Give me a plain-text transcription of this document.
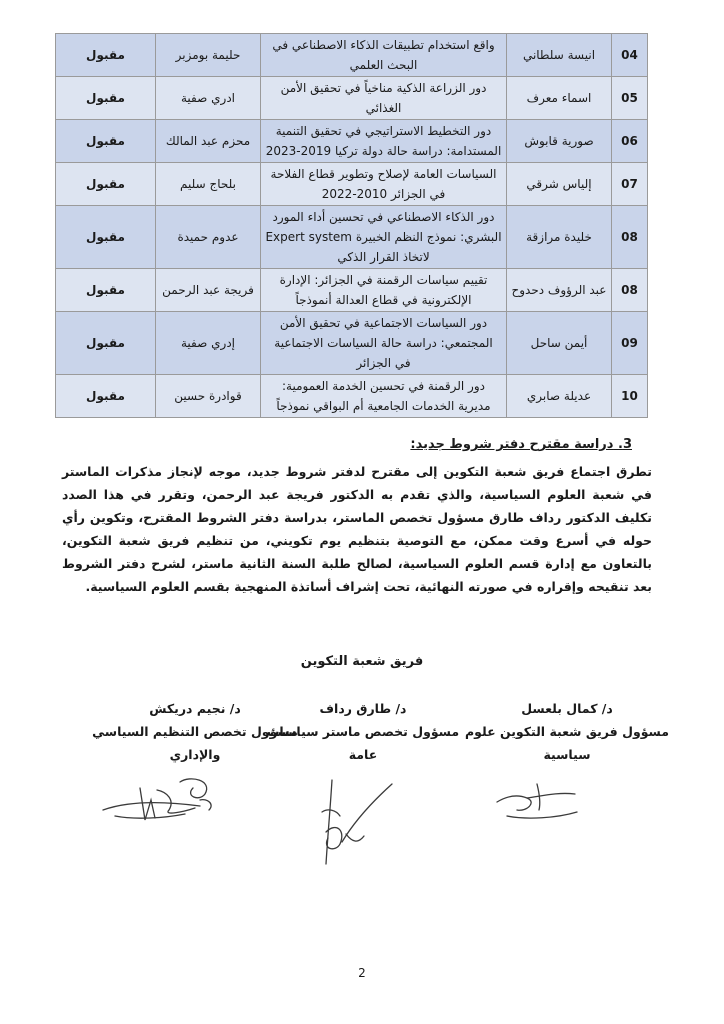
04	انيسة سلطاني	واقع استخدام تطبيقات الذكاء الاصطناعي في البحث العلمي	حليمة بومزبر	مقبول
05	اسماء معرف	دور الزراعة الذكية مناخياً في تحقيق الأمن الغذائي	ادري صفية	مقبول
06	صورية قابوش	دور التخطيط الاستراتيجي في تحقيق التنمية المستدامة: دراسة حالة دولة تركيا 2019-2023	محزم عبد المالك	مقبول
07	إلياس شرقي	السياسات العامة لإصلاح وتطوير قطاع الفلاحة في الجزائر 2010-2022	بلحاج سليم	مقبول
08	خليدة مرازقة	دور الذكاء الاصطناعي في تحسين أداء المورد البشري: نموذج النظم الخبيرة Expert system لاتخاذ القرار الذكي	عدوم حميدة	مقبول
08	عبد الرؤوف دحدوح	تقييم سياسات الرقمنة في الجزائر: الإدارة الإلكترونية في قطاع العدالة أنموذجاً	فريجة عبد الرحمن	مقبول
09	أيمن ساحل	دور السياسات الاجتماعية في تحقيق الأمن المجتمعي: دراسة حالة السياسات الاجتماعية في الجزائر	إدري صفية	مقبول
10	عديلة صابري	دور الرقمنة في تحسين الخدمة العمومية: مديرية الخدمات الجامعية أم البواقي نموذجاً	قوادرة حسين	مقبول
3. دراسة مقترح دفتر شروط جديد:
تطرق اجتماع فريق شعبة التكوين إلى مقترح لدفتر شروط جديد، موجه لإنجاز مذكرات الماستر في شعبة العلوم السياسية، والذي تقدم به الدكتور فريجة عبد الرحمن، وتقرر في هذا الصدد تكليف الدكتور رداف طارق مسؤول تخصص الماستر، بدراسة دفتر الشروط المقترح، وتكوين رأي حوله في أسرع وقت ممكن، مع التوصية بتنظيم يوم تكويني، من تنظيم فريق شعبة التكوين، بالتعاون مع إدارة قسم العلوم السياسية، لصالح طلبة السنة الثانية ماستر، لشرح دفتر الشروط بعد تنقيحه وإقراره في صورته النهائية، تحت إشراف أساتذة المنهجية بقسم العلوم السياسية.
فريق شعبة التكوين
د/ كمال بلعسل
مسؤول فريق شعبة التكوين علوم سياسية
د/ طارق رداف
مسؤول تخصص ماستر سياسات عامة
د/ نجيم دريكش
مسؤول تخصص التنظيم السياسي والإداري
2
